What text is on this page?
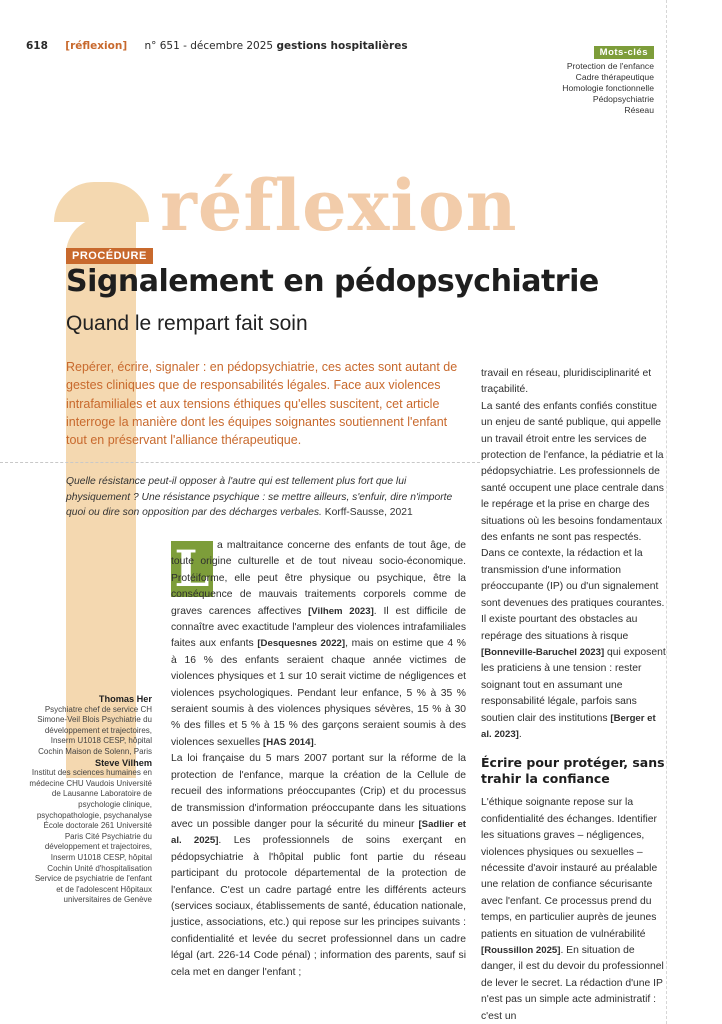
618 [réflexion] n° 651 - décembre 2025 gestions hospitalières
Mots-clés
Protection de l'enfance
Cadre thérapeutique
Homologie fonctionnelle
Pédopsychiatrie
Réseau
réflexion
PROCÉDURE
Signalement en pédopsychiatrie
Quand le rempart fait soin
Repérer, écrire, signaler : en pédopsychiatrie, ces actes sont autant de gestes cliniques que de responsabilités légales. Face aux violences intrafamiliales et aux tensions éthiques qu'elles suscitent, cet article interroge la manière dont les équipes soignantes soutiennent l'enfant tout en préservant l'alliance thérapeutique.
Quelle résistance peut-il opposer à l'autre qui est tellement plus fort que lui physiquement ? Une résistance psychique : se mettre ailleurs, s'enfuir, dire n'importe quoi ou dire son opposition par des décharges verbales. Korff-Sausse, 2021
L a maltraitance concerne des enfants de tout âge, de toute origine culturelle et de tout niveau socio-économique. Protéiforme, elle peut être physique ou psychique, être la conséquence de mauvais traitements corporels comme de graves carences affectives [Vilhem 2023]. Il est difficile de connaître avec exactitude l'ampleur des violences intrafamiliales faites aux enfants [Desquesnes 2022], mais on estime que 4 % à 16 % des enfants seraient chaque année victimes de violences physiques et 1 sur 10 serait victime de négligences et violences psychologiques. Pendant leur enfance, 5 % à 35 % seraient soumis à des violences physiques sévères, 15 % à 30 % des filles et 5 % à 15 % des garçons seraient soumis à des violences sexuelles [HAS 2014].

La loi française du 5 mars 2007 portant sur la réforme de la protection de l'enfance, marque la création de la Cellule de recueil des informations préoccupantes (Crip) et du processus de transmission d'information préoccupante dans les situations avec un possible danger pour la sécurité du mineur [Sadlier et al. 2025]. Les professionnels de soins exerçant en pédopsychiatrie à l'hôpital public font partie du réseau participant du protocole départemental de la protection de l'enfance. C'est un cadre partagé entre les différents acteurs (services sociaux, établissements de santé, éducation nationale, justice, associations, etc.) qui repose sur les principes suivants : confidentialité et levée du secret professionnel dans un cadre légal (art. 226-14 Code pénal) ; information des parents, sauf si cela met en danger l'enfant ;

Thomas Her
Psychiatre chef de service CH Simone-Veil Blois Psychiatrie du développement et trajectoires, Inserm U1018 CESP, hôpital Cochin Maison de Solenn, Paris
Steve Vilhem
Institut des sciences humaines en médecine CHU Vaudois Université de Lausanne Laboratoire de psychologie clinique, psychopathologie, psychanalyse École doctorale 261 Université Paris Cité Psychiatrie du développement et trajectoires, Inserm U1018 CESP, hôpital Cochin Unité d'hospitalisation Service de psychiatrie de l'enfant et de l'adolescent Hôpitaux universitaires de Genève

travail en réseau, pluridisciplinarité et traçabilité.

La santé des enfants confiés constitue un enjeu de santé publique, qui appelle un travail étroit entre les services de protection de l'enfance, la pédiatrie et la pédopsychiatrie. Les professionnels de santé occupent une place centrale dans le repérage et la prise en charge des situations où les besoins fondamentaux des enfants ne sont pas respectés. Dans ce contexte, la rédaction et la transmission d'une information préoccupante (IP) ou d'un signalement sont devenues des pratiques courantes. Il existe pourtant des obstacles au repérage des situations à risque [Bonneville-Baruchel 2023] qui exposent les praticiens à une tension : rester soignant tout en assumant une responsabilité légale, parfois sans soutien clair des institutions [Berger et al. 2023].

Écrire pour protéger, sans trahir la confiance

L'éthique soignante repose sur la confidentialité des échanges. Identifier les situations graves – négligences, violences physiques ou sexuelles – nécessite d'avoir instauré au préalable une relation de confiance sécurisante avec l'enfant. Ce processus prend du temps, en particulier auprès de jeunes patients en situation de vulnérabilité [Roussillon 2025]. En situation de danger, il est du devoir du professionnel de lever le secret. La rédaction d'une IP n'est pas un simple acte administratif : c'est un
